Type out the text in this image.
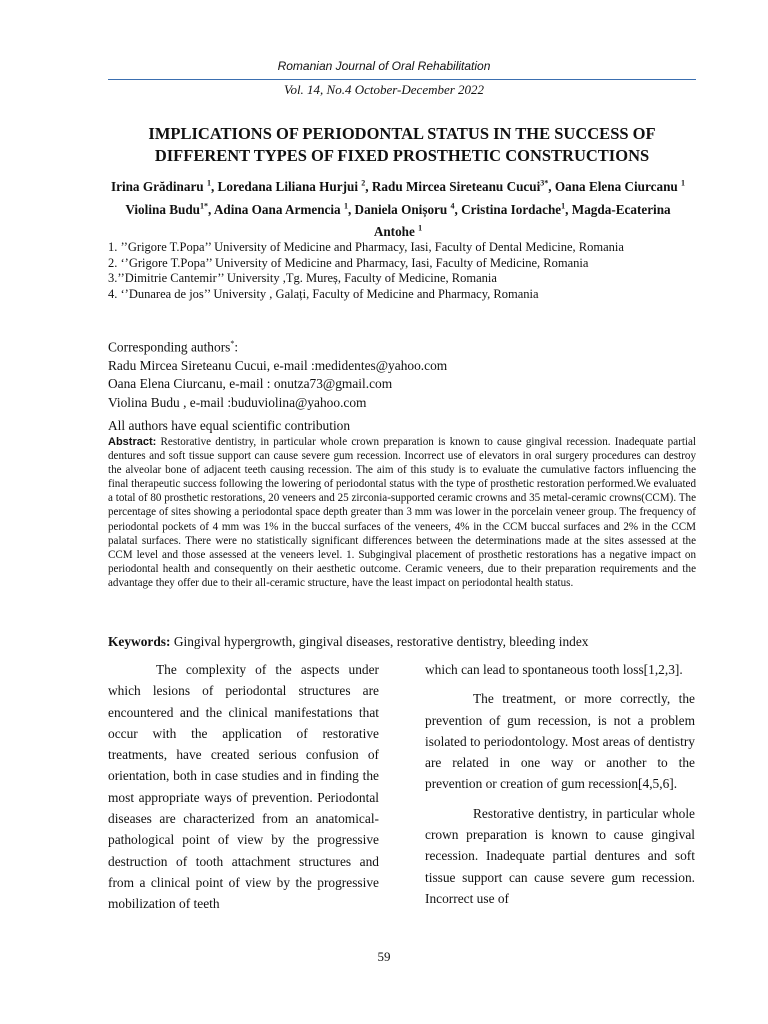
Romanian Journal of Oral Rehabilitation
Vol. 14, No.4 October-December 2022
IMPLICATIONS OF PERIODONTAL STATUS IN THE SUCCESS OF
DIFFERENT TYPES OF FIXED PROSTHETIC CONSTRUCTIONS
Irina Grădinaru $^1$, Loredana Liliana Hurjui $^2$, Radu Mircea Sireteanu Cucui$^{3*}$, Oana Elena Ciurcanu $^1$ Violina Budu$^{1*}$, Adina Oana Armencia $^1$, Daniela Onișoru $^4$, Cristina Iordache$^1$, Magda-Ecaterina Antohe $^1$
1. ’’Grigore T.Popa’’ University of Medicine and Pharmacy, Iasi, Faculty of Dental Medicine, Romania
2. ‘’Grigore T.Popa’’ University of Medicine and Pharmacy, Iasi, Faculty of Medicine, Romania
3.’’Dimitrie Cantemir’’ University ,Tg. Mureș, Faculty of Medicine, Romania
4. ‘’Dunarea de jos’’ University , Galați, Faculty of Medicine and Pharmacy, Romania
Corresponding authors*:
Radu Mircea Sireteanu Cucui, e-mail :medidentes@yahoo.com
Oana Elena Ciurcanu, e-mail : onutza73@gmail.com
Violina Budu , e-mail :buduviolina@yahoo.com
All authors have equal scientific contribution
Abstract: Restorative dentistry, in particular whole crown preparation is known to cause gingival recession. Inadequate partial dentures and soft tissue support can cause severe gum recession. Incorrect use of elevators in oral surgery procedures can destroy the alveolar bone of adjacent teeth causing recession. The aim of this study is to evaluate the cumulative factors influencing the final therapeutic success following the lowering of periodontal status with the type of prosthetic restoration performed.We evaluated a total of 80 prosthetic restorations, 20 veneers and 25 zirconia-supported ceramic crowns and 35 metal-ceramic crowns(CCM). The percentage of sites showing a periodontal space depth greater than 3 mm was lower in the porcelain veneer group. The frequency of periodontal pockets of 4 mm was 1% in the buccal surfaces of the veneers, 4% in the CCM buccal surfaces and 2% in the CCM palatal surfaces. There were no statistically significant differences between the determinations made at the sites assessed at the CCM level and those assessed at the veneers level. 1. Subgingival placement of prosthetic restorations has a negative impact on periodontal health and consequently on their aesthetic outcome. Ceramic veneers, due to their preparation requirements and the advantage they offer due to their all-ceramic structure, have the least impact on periodontal health status.
Keywords: Gingival hypergrowth, gingival diseases, restorative dentistry, bleeding index

The complexity of the aspects under which lesions of periodontal structures are encountered and the clinical manifestations that occur with the application of restorative treatments, have created serious confusion of orientation, both in case studies and in finding the most appropriate ways of prevention. Periodontal diseases are characterized from an anatomical-pathological point of view by the progressive destruction of tooth attachment structures and from a clinical point of view by the progressive mobilization of teeth

which can lead to spontaneous tooth loss[1,2,3].

The treatment, or more correctly, the prevention of gum recession, is not a problem isolated to periodontology. Most areas of dentistry are related in one way or another to the prevention or creation of gum recession[4,5,6].

Restorative dentistry, in particular whole crown preparation is known to cause gingival recession. Inadequate partial dentures and soft tissue support can cause severe gum recession. Incorrect use of

59
